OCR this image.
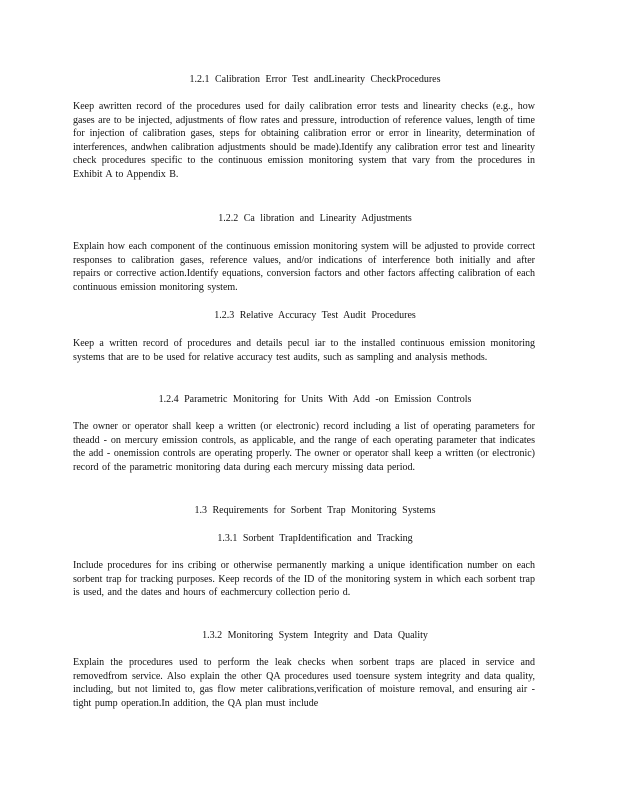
1.2.1 Calibration Error Test andLinearity CheckProcedures
Keep awritten record of the procedures used for daily calibration error tests and linearity checks (e.g., how gases are to be injected, adjustments of flow rates and pressure, introduction of reference values, length of time for injection of calibration gases, steps for obtaining calibration error or error in linearity, determination of interferences, andwhen calibration adjustments should be made).Identify any calibration error test and linearity check procedures specific to the continuous emission monitoring system that vary from the procedures in Exhibit A to Appendix B.
1.2.2 Ca libration and Linearity Adjustments
Explain how each component of the continuous emission monitoring system will be adjusted to provide correct responses to calibration gases, reference values, and/or indications of interference both initially and after repairs or corrective action.Identify equations, conversion factors and other factors affecting calibration of each continuous emission monitoring system.
1.2.3 Relative Accuracy Test Audit Procedures
Keep a written record of procedures and details pecul iar to the installed continuous emission monitoring systems that are to be used for relative accuracy test audits, such as sampling and analysis methods.
1.2.4 Parametric Monitoring for Units With Add -on Emission Controls
The owner or operator shall keep a written (or electronic) record including a list of operating parameters for theadd - on mercury emission controls, as applicable, and the range of each operating parameter that indicates the add - onemission controls are operating properly. The owner or operator shall keep a written (or electronic) record of the parametric monitoring data during each mercury missing data period.
1.3 Requirements for Sorbent Trap Monitoring Systems
1.3.1 Sorbent TrapIdentification and Tracking
Include procedures for ins cribing or otherwise permanently marking a unique identification number on each sorbent trap for tracking purposes. Keep records of the ID of the monitoring system in which each sorbent trap is used, and the dates and hours of eachmercury collection perio d.
1.3.2 Monitoring System Integrity and Data Quality
Explain the procedures used to perform the leak checks when sorbent traps are placed in service and removedfrom service. Also explain the other QA procedures used toensure system integrity and data quality, including, but not limited to, gas flow meter calibrations,verification of moisture removal, and ensuring air - tight pump operation.In addition, the QA plan must include
